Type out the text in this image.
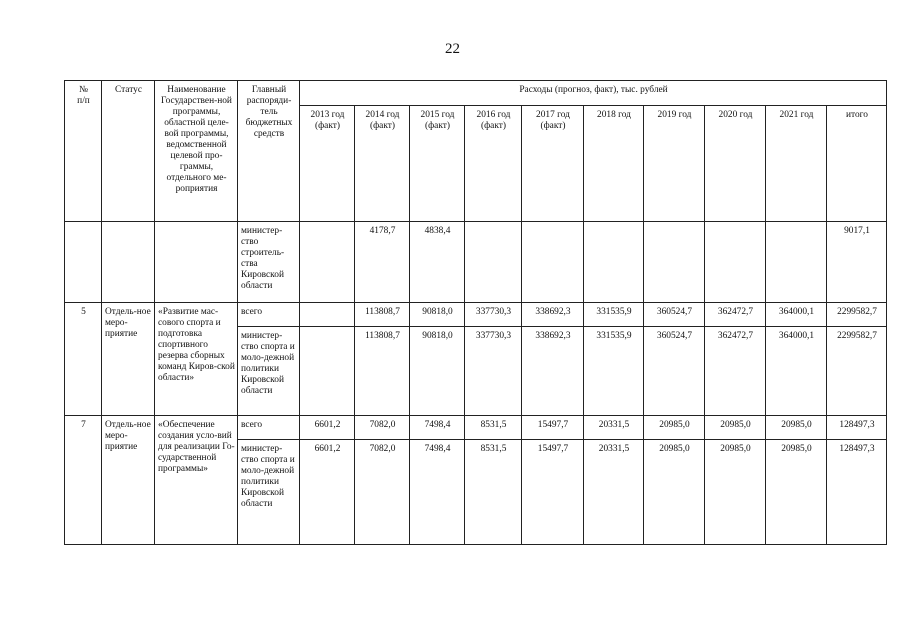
22
№
п/п	Статус	Наименование Государствен-ной программы, областной целе-вой программы, ведомственной целевой про-граммы, отдельного ме-роприятия	Главный распоряди-тель бюджетных средств	Расходы (прогноз, факт), тыс. рублей									
				2013 год (факт)	2014 год (факт)	2015 год (факт)	2016 год (факт)	2017 год (факт)	2018 год	2019 год	2020 год	2021 год	итого
			министер-ство строитель-ства Кировской области		4178,7	4838,4							9017,1
5	Отдель-ное меро-приятие	«Развитие мас-сового спорта и подготовка спортивного резерва сборных команд Киров-ской области»	всего		113808,7	90818,0	337730,3	338692,3	331535,9	360524,7	362472,7	364000,1	2299582,7
			министер-ство спорта и моло-дежной политики Кировской области		113808,7	90818,0	337730,3	338692,3	331535,9	360524,7	362472,7	364000,1	2299582,7
7	Отдель-ное меро-приятие	«Обеспечение создания усло-вий для реализации Го-сударственной программы»	всего	6601,2	7082,0	7498,4	8531,5	15497,7	20331,5	20985,0	20985,0	20985,0	128497,3
			министер-ство спорта и моло-дежной политики Кировской области	6601,2	7082,0	7498,4	8531,5	15497,7	20331,5	20985,0	20985,0	20985,0	128497,3
